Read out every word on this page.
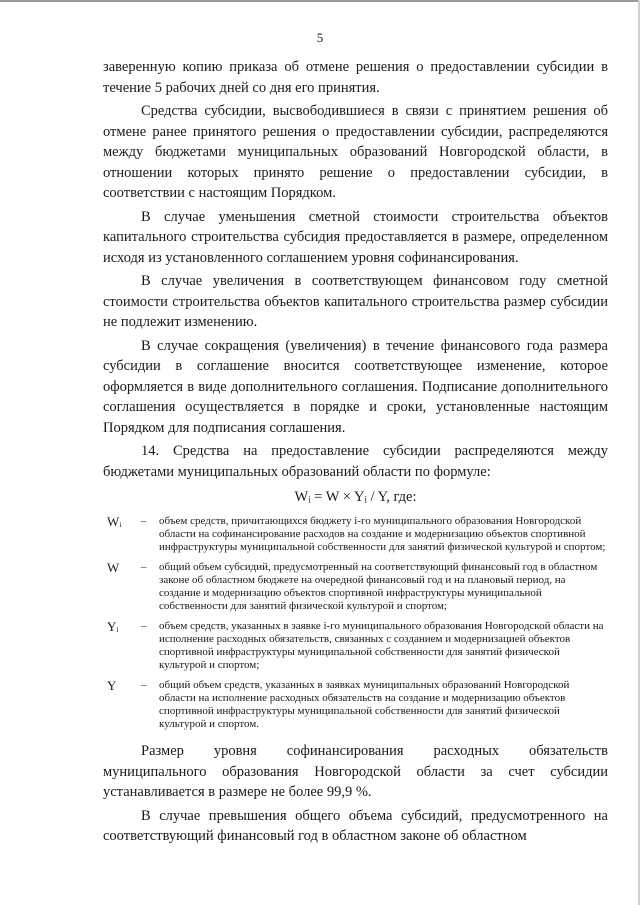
5

заверенную копию приказа об отмене решения о предоставлении субсидии в течение 5 рабочих дней со дня его принятия.

Средства субсидии, высвободившиеся в связи с принятием решения об отмене ранее принятого решения о предоставлении субсидии, распределяются между бюджетами муниципальных образований Новгородской области, в отношении которых принято решение о предоставлении субсидии, в соответствии с настоящим Порядком.

В случае уменьшения сметной стоимости строительства объектов капитального строительства субсидия предоставляется в размере, определенном исходя из установленного соглашением уровня софинансирования.

В случае увеличения в соответствующем финансовом году сметной стоимости строительства объектов капитального строительства размер субсидии не подлежит изменению.

В случае сокращения (увеличения) в течение финансового года размера субсидии в соглашение вносится соответствующее изменение, которое оформляется в виде дополнительного соглашения. Подписание дополнительного соглашения осуществляется в порядке и сроки, установленные настоящим Порядком для подписания соглашения.

14. Средства на предоставление субсидии распределяются между бюджетами муниципальных образований области по формуле:

Wᵢ = W × Yᵢ / Y, где:
Wᵢ	–	объем средств, причитающихся бюджету i-го муниципального образования Новгородской области на софинансирование расходов на создание и модернизацию объектов спортивной инфраструктуры муниципальной собственности для занятий физической культурой и спортом;
W	–	общий объем субсидий, предусмотренный на соответствующий финансовый год в областном законе об областном бюджете на очередной финансовый год и на плановый период, на создание и модернизацию объектов спортивной инфраструктуры муниципальной собственности для занятий физической культурой и спортом;
Yᵢ	–	объем средств, указанных в заявке i-го муниципального образования Новгородской области на исполнение расходных обязательств, связанных с созданием и модернизацией объектов спортивной инфраструктуры муниципальной собственности для занятий физической культурой и спортом;
Y	–	общий объем средств, указанных в заявках муниципальных образований Новгородской области на исполнение расходных обязательств на создание и модернизацию объектов спортивной инфраструктуры муниципальной собственности для занятий физической культурой и спортом.

Размер уровня софинансирования расходных обязательств муниципального образования Новгородской области за счет субсидии устанавливается в размере не более 99,9 %.

В случае превышения общего объема субсидий, предусмотренного на соответствующий финансовый год в областном законе об областном
